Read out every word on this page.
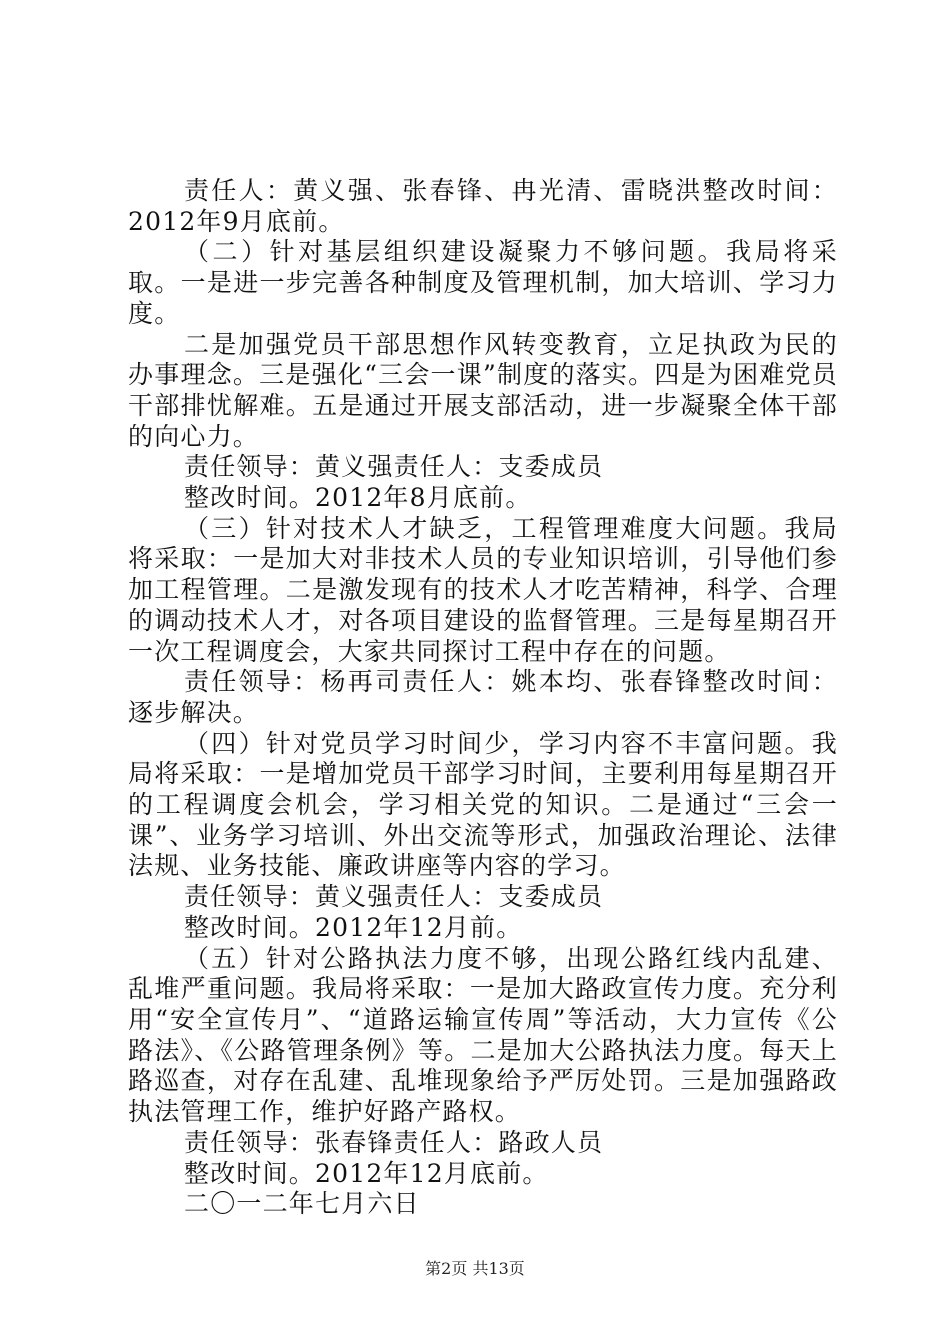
责任人：黄义强、张春锋、冉光清、雷晓洪整改时间：2012年9月底前。

（二）针对基层组织建设凝聚力不够问题。我局将采取。一是进一步完善各种制度及管理机制，加大培训、学习力度。

二是加强党员干部思想作风转变教育，立足执政为民的办事理念。三是强化“三会一课”制度的落实。四是为困难党员干部排忧解难。五是通过开展支部活动，进一步凝聚全体干部的向心力。

责任领导：黄义强责任人：支委成员

整改时间。2012年8月底前。

（三）针对技术人才缺乏，工程管理难度大问题。我局将采取：一是加大对非技术人员的专业知识培训，引导他们参加工程管理。二是激发现有的技术人才吃苦精神，科学、合理的调动技术人才，对各项目建设的监督管理。三是每星期召开一次工程调度会，大家共同探讨工程中存在的问题。

责任领导：杨再司责任人：姚本均、张春锋整改时间：逐步解决。

（四）针对党员学习时间少，学习内容不丰富问题。我局将采取：一是增加党员干部学习时间，主要利用每星期召开的工程调度会机会，学习相关党的知识。二是通过“三会一课”、业务学习培训、外出交流等形式，加强政治理论、法律法规、业务技能、廉政讲座等内容的学习。

责任领导：黄义强责任人：支委成员

整改时间。2012年12月前。

（五）针对公路执法力度不够，出现公路红线内乱建、乱堆严重问题。我局将采取：一是加大路政宣传力度。充分利用“安全宣传月”、“道路运输宣传周”等活动，大力宣传《公路法》、《公路管理条例》等。二是加大公路执法力度。每天上路巡查，对存在乱建、乱堆现象给予严厉处罚。三是加强路政执法管理工作，维护好路产路权。

责任领导：张春锋责任人：路政人员

整改时间。2012年12月底前。

二〇一二年七月六日

第2页 共13页
